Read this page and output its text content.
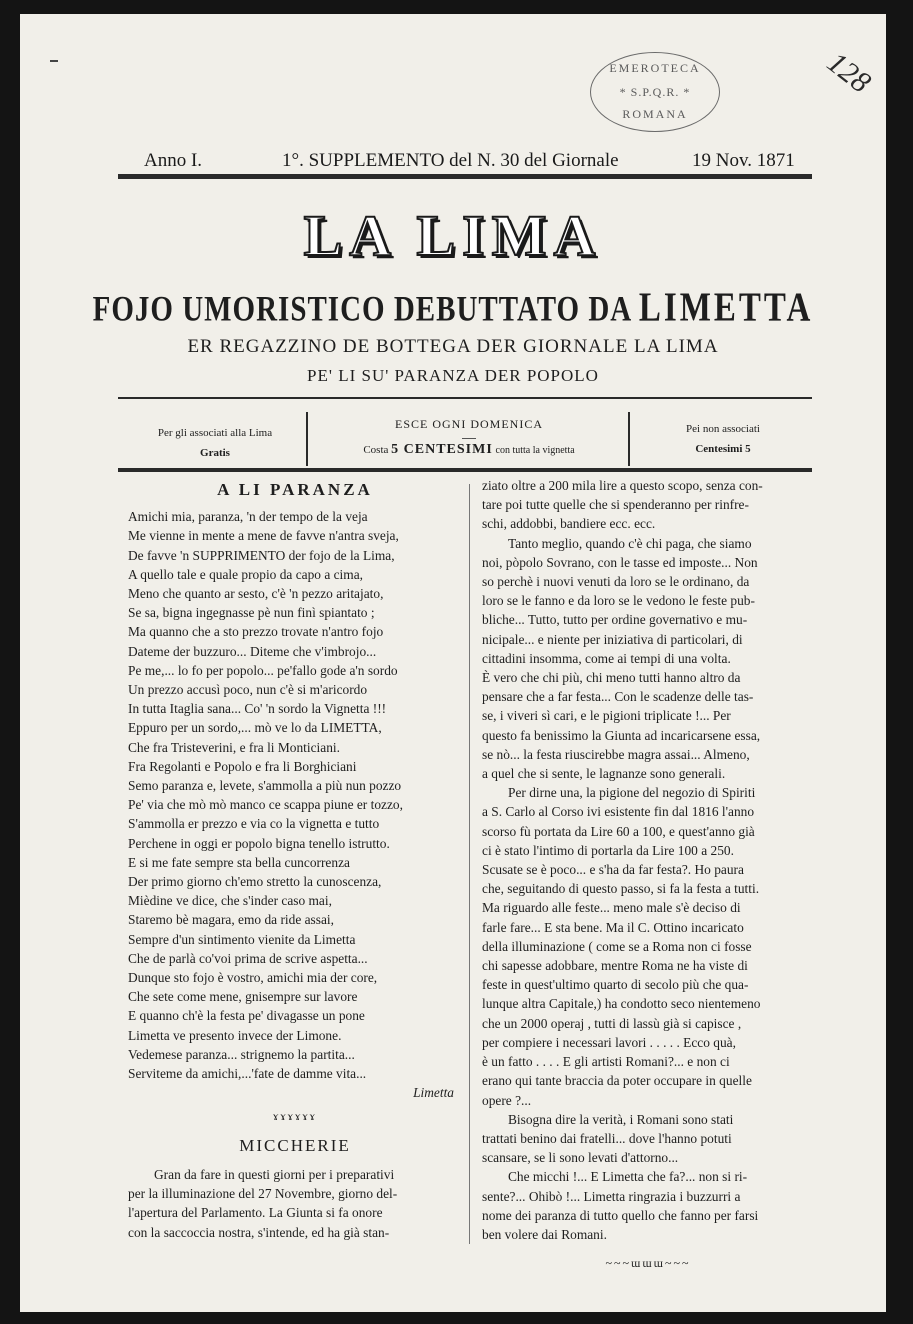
EMEROTECA
* S.P.Q.R. *
ROMANA
128
Anno I.	1°. SUPPLEMENTO del N. 30 del Giornale	19 Nov. 1871
LA LIMA
FOJO UMORISTICO DEBUTTATO DA LIMETTA
ER REGAZZINO DE BOTTEGA DER GIORNALE LA LIMA
PE' LI SU' PARANZA DER POPOLO
Per gli associati alla Lima
Gratis
ESCE OGNI DOMENICA
Costa 5 CENTESIMI con tutta la vignetta
Pei non associati
Centesimi 5
A LI PARANZA
Amichi mia, paranza, 'n der tempo de la veja
Me vienne in mente a mene de favve n'antra sveja,
De favve 'n SUPPRIMENTO der fojo de la Lima,
A quello tale e quale propio da capo a cima,
Meno che quanto ar sesto, c'è 'n pezzo aritajato,
Se sa, bigna ingegnasse pè nun finì spiantato ;
Ma quanno che a sto prezzo trovate n'antro fojo
Dateme der buzzuro... Diteme che v'imbrojo...
Pe me,... lo fo per popolo... pe'fallo gode a'n sordo
Un prezzo accusì poco, nun c'è si m'aricordo
In tutta Itaglia sana... Co' 'n sordo la Vignetta !!!
Eppuro per un sordo,... mò ve lo da LIMETTA,
Che fra Tristeverini, e fra li Monticiani.
Fra Regolanti e Popolo e fra li Borghiciani
Semo paranza e, levete, s'ammolla a più nun pozzo
Pe' via che mò mò manco ce scappa piune er tozzo,
S'ammolla er prezzo e via co la vignetta e tutto
Perchene in oggi er popolo bigna tenello istrutto.
E si me fate sempre sta bella cuncorrenza
Der primo giorno ch'emo stretto la cunoscenza,
Mièdine ve dice, che s'inder caso mai,
Staremo bè magara, emo da ride assai,
Sempre d'un sintimento vienite da Limetta
Che de parlà co'voi prima de scrive aspetta...
Dunque sto fojo è vostro, amichi mia der core,
Che sete come mene, gnisempre sur lavore
E quanno ch'è la festa pe' divagasse un pone
Limetta ve presento invece der Limone.
Vedemese paranza... strignemo la partita...
Serviteme da amichi,...'fate de damme vita...
Limetta
ɤɤɤɤɤɤ
MICCHERIE

Gran da fare in questi giorni per i preparativi

per la illuminazione del 27 Novembre, giorno del-

l'apertura del Parlamento. La Giunta si fa onore

con la saccoccia nostra, s'intende, ed ha già stan-

ziato oltre a 200 mila lire a questo scopo, senza con-

tare poi tutte quelle che si spenderanno per rinfre-

schi, addobbi, bandiere ecc. ecc.

Tanto meglio, quando c'è chi paga, che siamo

noi, pòpolo Sovrano, con le tasse ed imposte... Non

so perchè i nuovi venuti da loro se le ordinano, da

loro se le fanno e da loro se le vedono le feste pub-

bliche... Tutto, tutto per ordine governativo e mu-

nicipale... e niente per iniziativa di particolari, di

cittadini insomma, come ai tempi di una volta.

È vero che chi più, chi meno tutti hanno altro da

pensare che a far festa... Con le scadenze delle tas-

se, i viveri sì cari, e le pigioni triplicate !... Per

questo fa benissimo la Giunta ad incaricarsene essa,

se nò... la festa riuscirebbe magra assai... Almeno,

a quel che si sente, le lagnanze sono generali.

Per dirne una, la pigione del negozio di Spiriti

a S. Carlo al Corso ivi esistente fin dal 1816 l'anno

scorso fù portata da Lire 60 a 100, e quest'anno già

ci è stato l'intimo di portarla da Lire 100 a 250.

Scusate se è poco... e s'ha da far festa?. Ho paura

che, seguitando di questo passo, si fa la festa a tutti.

Ma riguardo alle feste... meno male s'è deciso di

farle fare... E sta bene. Ma il C. Ottino incaricato

della illuminazione ( come se a Roma non ci fosse

chi sapesse adobbare, mentre Roma ne ha viste di

feste in quest'ultimo quarto di secolo più che qua-

lunque altra Capitale,) ha condotto seco nientemeno

che un 2000 operaj , tutti di lassù già si capisce ,

per compiere i necessari lavori . . . . . Ecco quà,

è un fatto . . . . E gli artisti Romani?... e non ci

erano qui tante braccia da poter occupare in quelle

opere ?...

Bisogna dire la verità, i Romani sono stati

trattati benino dai fratelli... dove l'hanno potuti

scansare, se li sono levati d'attorno...

Che micchi !... E Limetta che fa?... non si ri-

sente?... Ohibò !... Limetta ringrazia i buzzurri a

nome dei paranza di tutto quello che fanno per farsi

ben volere dai Romani.

~~~ɯɯɯ~~~
